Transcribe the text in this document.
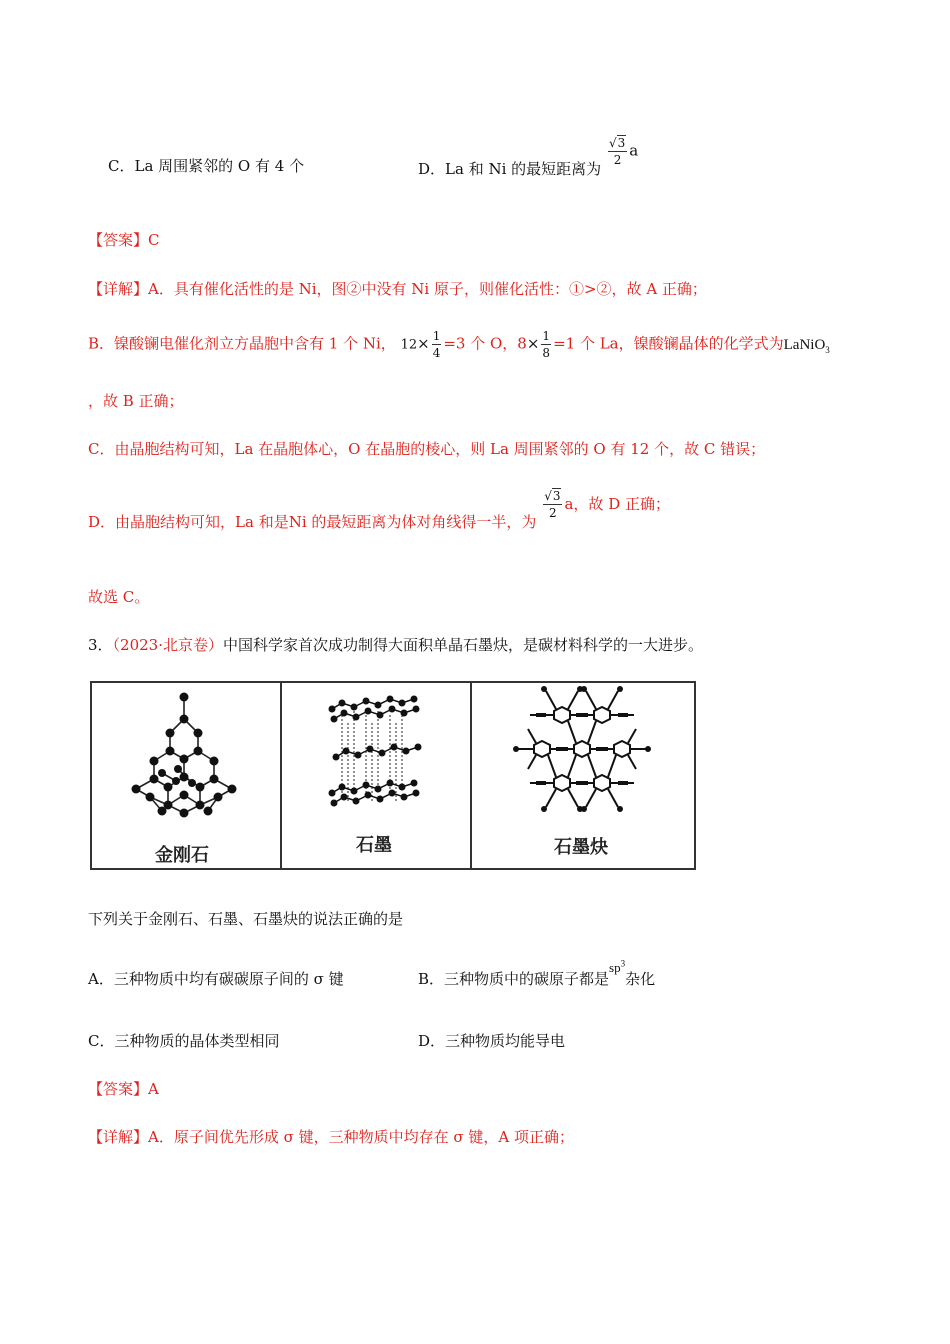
C．La 周围紧邻的 O 有 4 个	D．La 和 Ni 的最短距离为
$\frac{√3}{2}$ a
【答案】C
【详解】A．具有催化活性的是 Ni，图②中没有 Ni 原子，则催化活性：①>②，故 A 正确；
B．镍酸镧电催化剂立方晶胞中含有 1 个 Ni， $12\times \frac{1}{4} =3$ 个 O，$8\times \frac{1}{8} =1$ 个 La，镍酸镧晶体的化学式为LaNiO$_3$
，故 B 正确；
C．由晶胞结构可知，La 在晶胞体心，O 在晶胞的棱心，则 La 周围紧邻的 O 有 12 个，故 C 错误；
D．由晶胞结构可知，La 和是Ni 的最短距离为体对角线得一半，为
$\frac{√3}{2}$ a，故 D 正确；
故选 C。
3．（2023·北京卷）中国科学家首次成功制得大面积单晶石墨炔，是碳材料科学的一大进步。
金刚石	石墨	石墨炔
下列关于金刚石、石墨、石墨炔的说法正确的是
A．三种物质中均有碳碳原子间的 σ 键	B．三种物质中的碳原子都是$sp^3$杂化
C．三种物质的晶体类型相同	D．三种物质均能导电
【答案】A
【详解】A．原子间优先形成 σ 键，三种物质中均存在 σ 键，A 项正确；
